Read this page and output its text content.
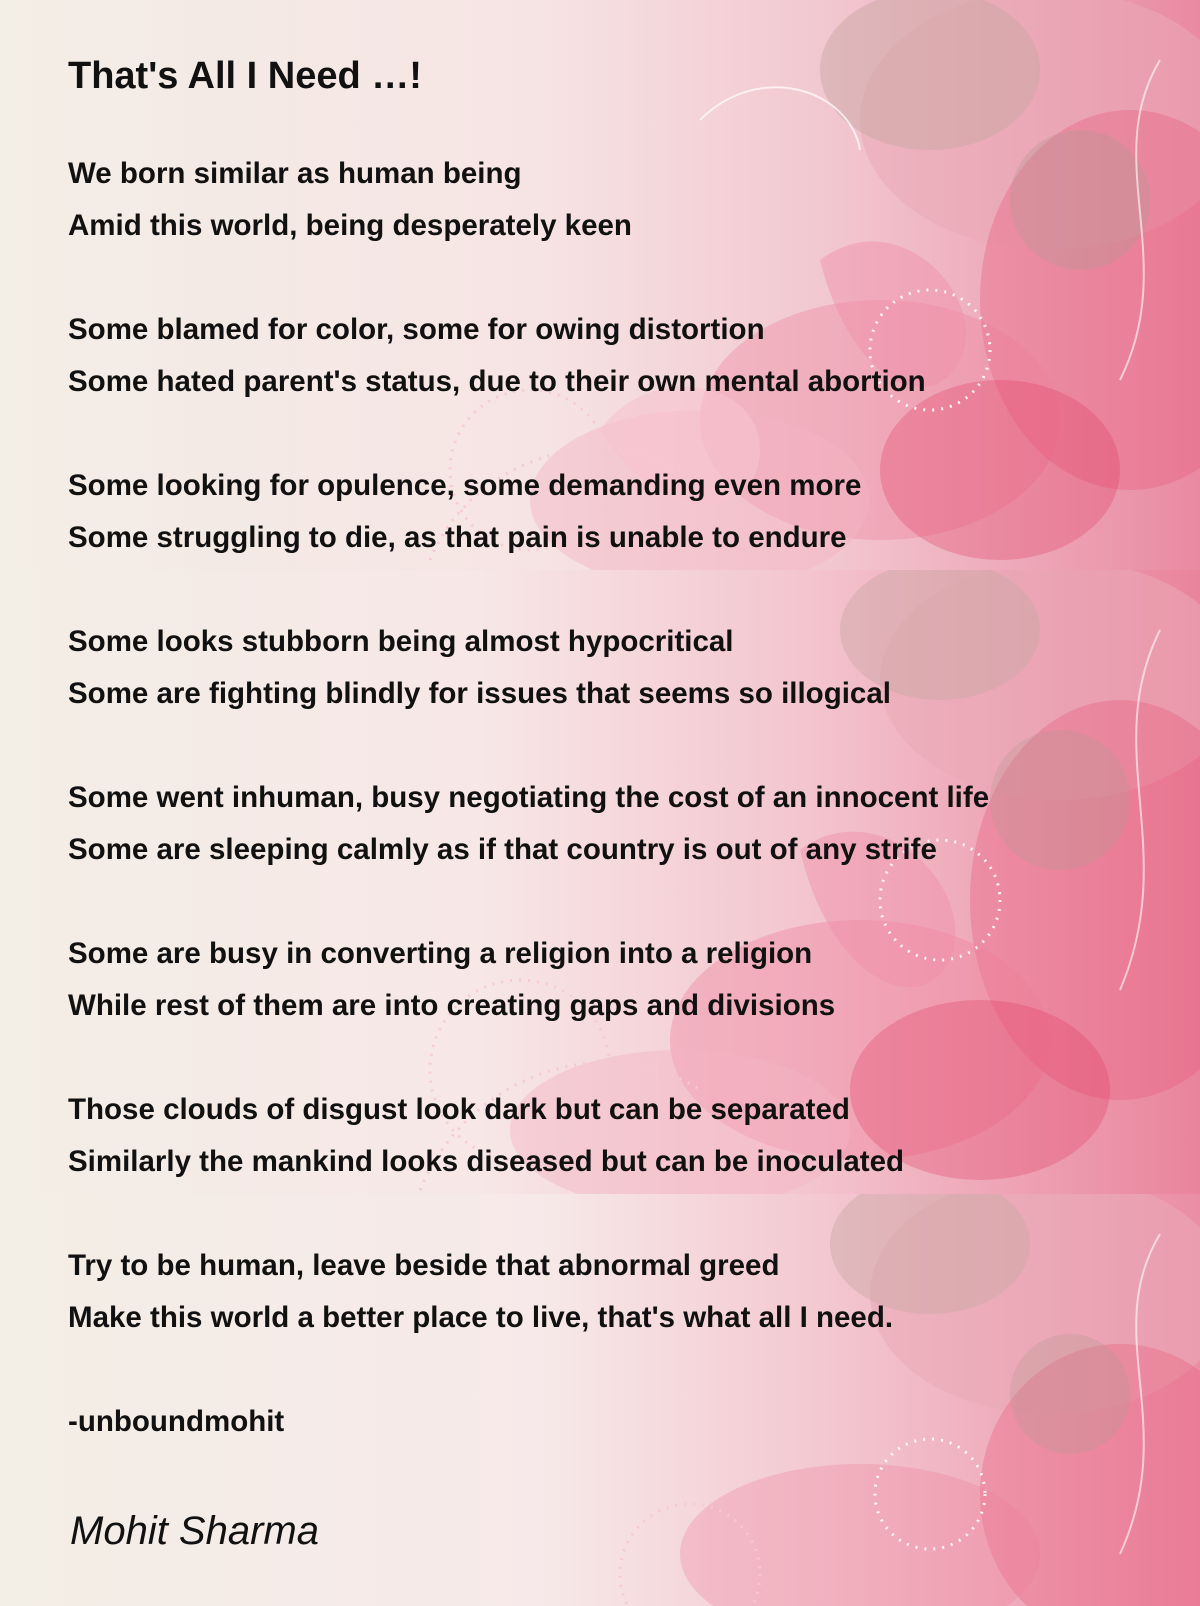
That's All I Need …!
We born similar as human being
Amid this world, being desperately keen
Some blamed for color, some for owing distortion
Some hated parent's status, due to their own mental abortion
Some looking for opulence, some demanding even more
Some struggling to die, as that pain is unable to endure
Some looks stubborn being almost hypocritical
Some are fighting blindly for issues that seems so illogical
Some went inhuman, busy negotiating the cost of an innocent life
Some are sleeping calmly as if that country is out of any strife
Some are busy in converting a religion into a religion
While rest of them are into creating gaps and divisions
Those clouds of disgust look dark but can be separated
Similarly the mankind looks diseased but can be inoculated
Try to be human, leave beside that abnormal greed
Make this world a better place to live, that's what all I need.
-unboundmohit
Mohit Sharma
